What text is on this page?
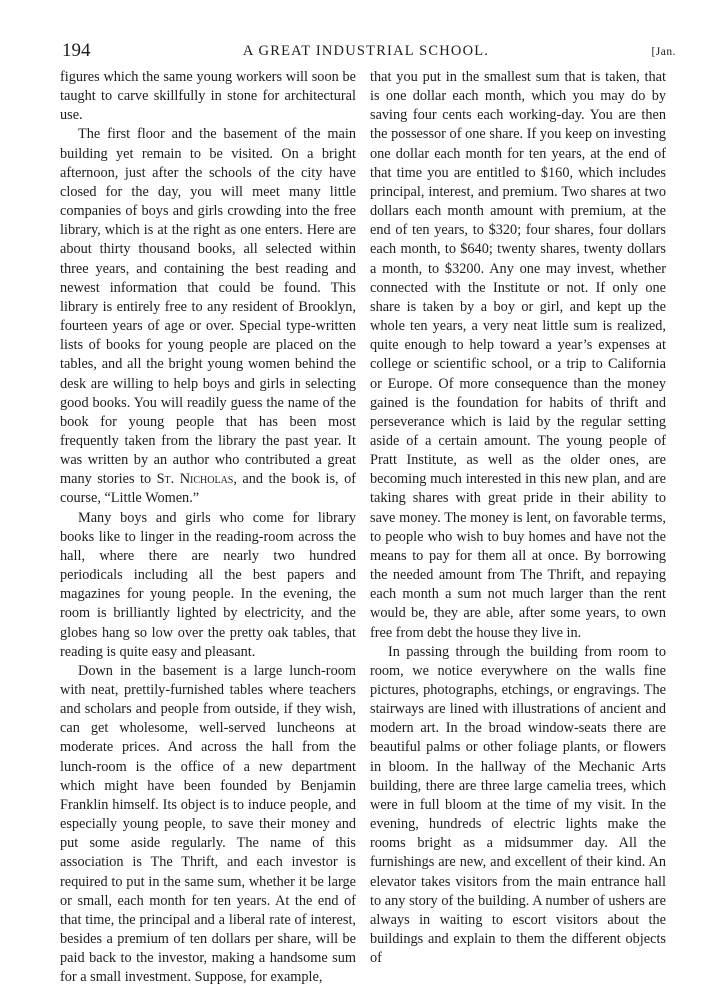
194	A GREAT INDUSTRIAL SCHOOL.	[Jan.

figures which the same young workers will soon be taught to carve skillfully in stone for architectural use.

The first floor and the basement of the main building yet remain to be visited. On a bright afternoon, just after the schools of the city have closed for the day, you will meet many little companies of boys and girls crowding into the free library, which is at the right as one enters. Here are about thirty thousand books, all selected within three years, and containing the best reading and newest information that could be found. This library is entirely free to any resident of Brooklyn, fourteen years of age or over. Special type-written lists of books for young people are placed on the tables, and all the bright young women behind the desk are willing to help boys and girls in selecting good books. You will readily guess the name of the book for young people that has been most frequently taken from the library the past year. It was written by an author who contributed a great many stories to St. Nicholas, and the book is, of course, “Little Women.”

Many boys and girls who come for library books like to linger in the reading-room across the hall, where there are nearly two hundred periodicals including all the best papers and magazines for young people. In the evening, the room is brilliantly lighted by electricity, and the globes hang so low over the pretty oak tables, that reading is quite easy and pleasant.

Down in the basement is a large lunch-room with neat, prettily-furnished tables where teachers and scholars and people from outside, if they wish, can get wholesome, well-served luncheons at moderate prices. And across the hall from the lunch-room is the office of a new department which might have been founded by Benjamin Franklin himself. Its object is to induce people, and especially young people, to save their money and put some aside regularly. The name of this association is The Thrift, and each investor is required to put in the same sum, whether it be large or small, each month for ten years. At the end of that time, the principal and a liberal rate of interest, besides a premium of ten dollars per share, will be paid back to the investor, making a handsome sum for a small investment. Suppose, for example,

that you put in the smallest sum that is taken, that is one dollar each month, which you may do by saving four cents each working-day. You are then the possessor of one share. If you keep on investing one dollar each month for ten years, at the end of that time you are entitled to $160, which includes principal, interest, and premium. Two shares at two dollars each month amount with premium, at the end of ten years, to $320; four shares, four dollars each month, to $640; twenty shares, twenty dollars a month, to $3200. Any one may invest, whether connected with the Institute or not. If only one share is taken by a boy or girl, and kept up the whole ten years, a very neat little sum is realized, quite enough to help toward a year’s expenses at college or scientific school, or a trip to California or Europe. Of more consequence than the money gained is the foundation for habits of thrift and perseverance which is laid by the regular setting aside of a certain amount. The young people of Pratt Institute, as well as the older ones, are becoming much interested in this new plan, and are taking shares with great pride in their ability to save money. The money is lent, on favorable terms, to people who wish to buy homes and have not the means to pay for them all at once. By borrowing the needed amount from The Thrift, and repaying each month a sum not much larger than the rent would be, they are able, after some years, to own free from debt the house they live in.

In passing through the building from room to room, we notice everywhere on the walls fine pictures, photographs, etchings, or engravings. The stairways are lined with illustrations of ancient and modern art. In the broad window-seats there are beautiful palms or other foliage plants, or flowers in bloom. In the hallway of the Mechanic Arts building, there are three large camelia trees, which were in full bloom at the time of my visit. In the evening, hundreds of electric lights make the rooms bright as a midsummer day. All the furnishings are new, and excellent of their kind. An elevator takes visitors from the main entrance hall to any story of the building. A number of ushers are always in waiting to escort visitors about the buildings and explain to them the different objects of
